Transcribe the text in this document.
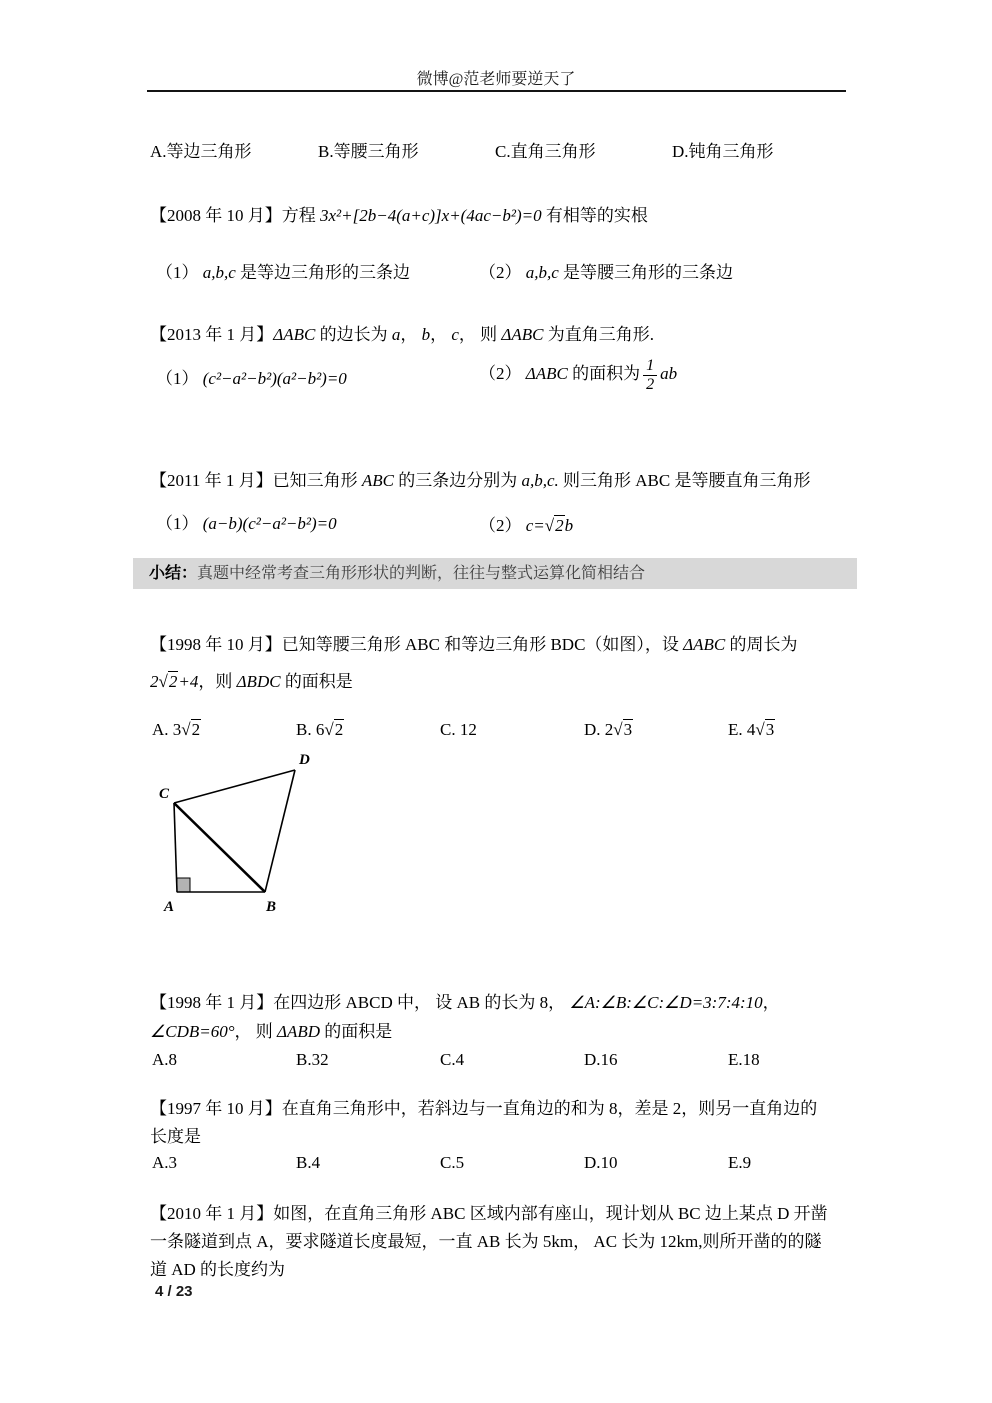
微博@范老师要逆天了

A.等边三角形	B.等腰三角形	C.直角三角形	D.钝角三角形

【2008 年 10 月】方程 3x²+[2b−4(a+c)]x+(4ac−b²)=0 有相等的实根

（1） a,b,c 是等边三角形的三条边	（2） a,b,c 是等腰三角形的三条边

【2013 年 1 月】ΔABC 的边长为 a， b， c， 则 ΔABC 为直角三角形.

（1） (c²−a²−b²)(a²−b²)=0	（2） ΔABC 的面积为 $\frac{1}{2}$ ab

【2011 年 1 月】已知三角形 ABC 的三条边分别为 a,b,c. 则三角形 ABC 是等腰直角三角形

（1） (a−b)(c²−a²−b²)=0	（2） c=√2b

小结：真题中经常考查三角形形状的判断，往往与整式运算化简相结合

【1998 年 10 月】已知等腰三角形 ABC 和等边三角形 BDC（如图），设 ΔABC 的周长为

2√2+4，则 ΔBDC 的面积是

A. 3√2	B. 6√2	C. 12	D. 2√3	E. 4√3

C
D
A	B

【1998 年 1 月】在四边形 ABCD 中， 设 AB 的长为 8， ∠A:∠B:∠C:∠D=3:7:4:10，

∠CDB=60°， 则 ΔABD 的面积是

A.8	B.32	C.4	D.16	E.18

【1997 年 10 月】在直角三角形中，若斜边与一直角边的和为 8，差是 2，则另一直角边的

长度是

A.3	B.4	C.5	D.10	E.9

【2010 年 1 月】如图，在直角三角形 ABC 区域内部有座山，现计划从 BC 边上某点 D 开凿

一条隧道到点 A，要求隧道长度最短，一直 AB 长为 5km， AC 长为 12km,则所开凿的的隧

道 AD 的长度约为

4 / 23
